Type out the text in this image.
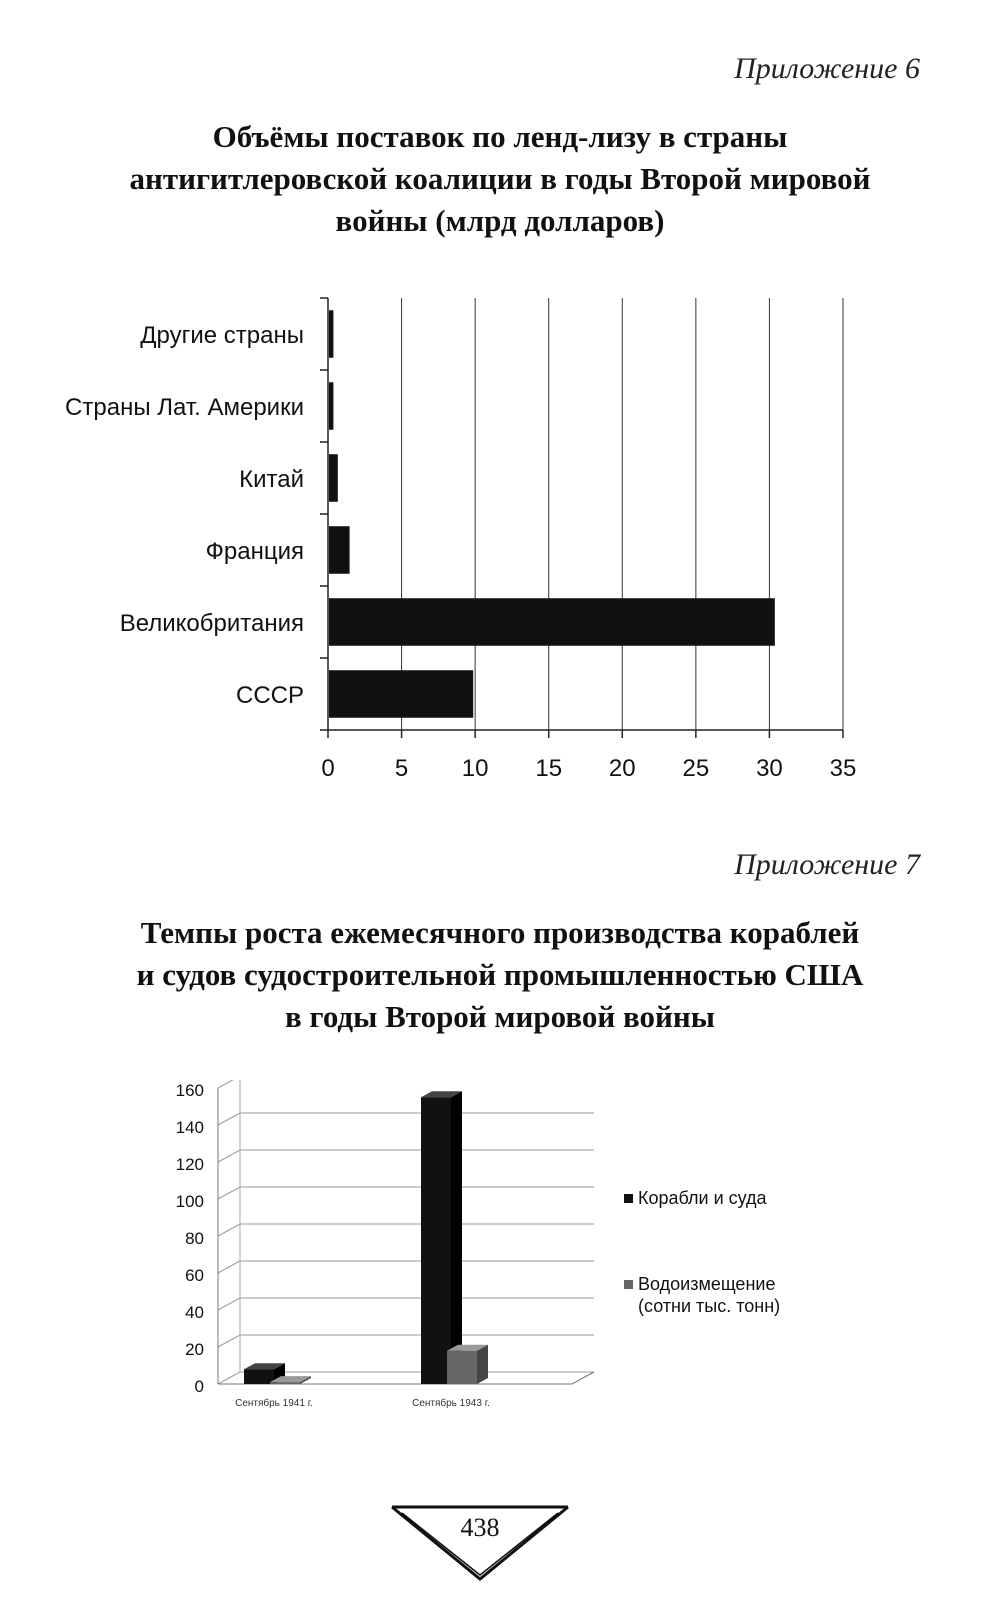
Приложение 6
Объёмы поставок по ленд-лизу в страны
антигитлеровской коалиции в годы Второй мировой
войны (млрд долларов)
0	5 10 15 20 25 30 35
Другие страны
Страны Лат. Америки
Китай
Франция
Великобритания
СССР
Приложение 7
Темпы роста ежемесячного производства кораблей
и судов судостроительной промышленностью США
в годы Второй мировой войны
0
20
40
60
80
100
120
140
160
Сентябрь 1941 г.	Сентябрь 1943 г.
Корабли и суда
Водоизмещение
(сотни тыс. тонн)
438
